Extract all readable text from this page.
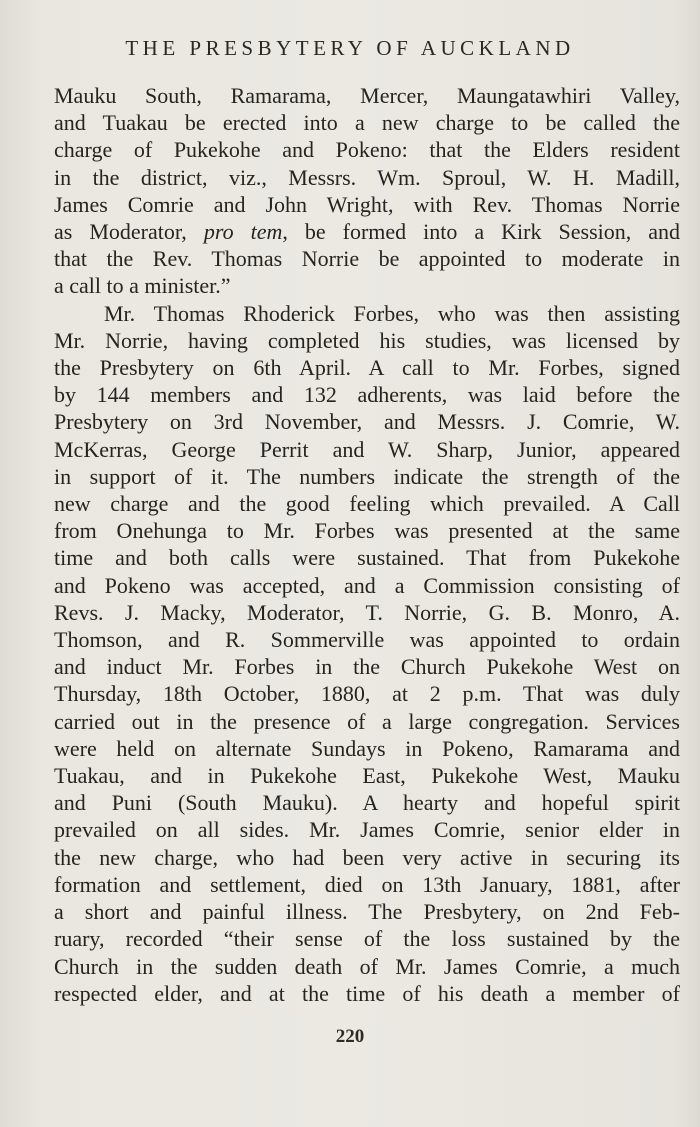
THE PRESBYTERY OF AUCKLAND

Mauku South, Ramarama, Mercer, Maungatawhiri Valley,
and Tuakau be erected into a new charge to be called the
charge of Pukekohe and Pokeno: that the Elders resident
in the district, viz., Messrs. Wm. Sproul, W. H. Madill,
James Comrie and John Wright, with Rev. Thomas Norrie
as Moderator, pro tem, be formed into a Kirk Session, and
that the Rev. Thomas Norrie be appointed to moderate in
a call to a minister.”

Mr. Thomas Rhoderick Forbes, who was then assisting
Mr. Norrie, having completed his studies, was licensed by
the Presbytery on 6th April. A call to Mr. Forbes, signed
by 144 members and 132 adherents, was laid before the
Presbytery on 3rd November, and Messrs. J. Comrie, W.
McKerras, George Perrit and W. Sharp, Junior, appeared
in support of it. The numbers indicate the strength of the
new charge and the good feeling which prevailed. A Call
from Onehunga to Mr. Forbes was presented at the same
time and both calls were sustained. That from Pukekohe
and Pokeno was accepted, and a Commission consisting of
Revs. J. Macky, Moderator, T. Norrie, G. B. Monro, A.
Thomson, and R. Sommerville was appointed to ordain
and induct Mr. Forbes in the Church Pukekohe West on
Thursday, 18th October, 1880, at 2 p.m. That was duly
carried out in the presence of a large congregation. Services
were held on alternate Sundays in Pokeno, Ramarama and
Tuakau, and in Pukekohe East, Pukekohe West, Mauku
and Puni (South Mauku). A hearty and hopeful spirit
prevailed on all sides. Mr. James Comrie, senior elder in
the new charge, who had been very active in securing its
formation and settlement, died on 13th January, 1881, after
a short and painful illness. The Presbytery, on 2nd Feb-
ruary, recorded “their sense of the loss sustained by the
Church in the sudden death of Mr. James Comrie, a much
respected elder, and at the time of his death a member of

220
